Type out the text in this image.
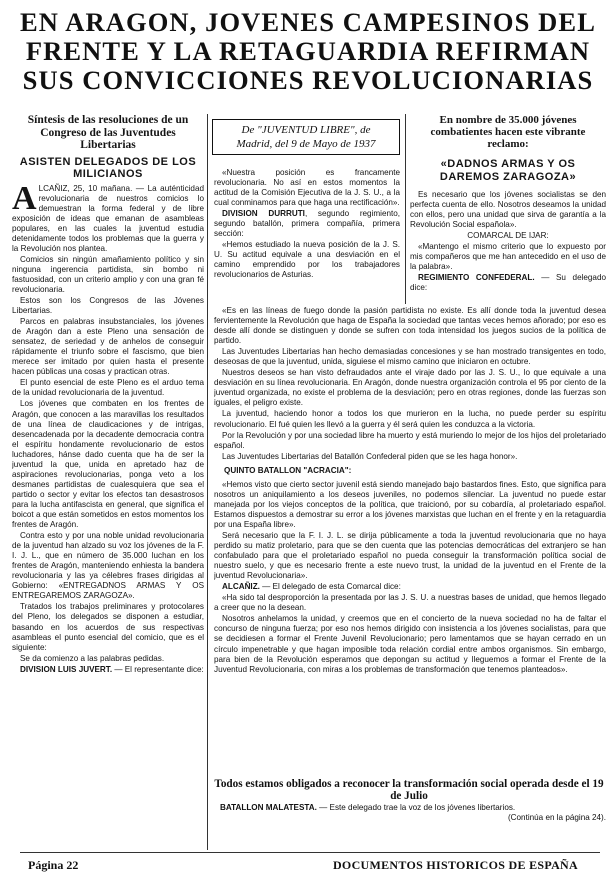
EN ARAGON, JOVENES CAMPESINOS DEL
FRENTE Y LA RETAGUARDIA REFIRMAN
SUS CONVICCIONES REVOLUCIONARIAS

Síntesis de las resoluciones de un Congreso de las Juventudes Libertarias

ASISTEN DELEGADOS DE LOS MILICIANOS

ALCAÑIZ, 25, 10 mañana. — La auténticidad revolucionaria de nuestros comicios lo demuestran la forma federal y de libre exposición de ideas que emanan de asambleas populares, en las cuales la juventud estudia detenidamente todos los problemas que la guerra y la Revolución nos plantea.

Comicios sin ningún amañamiento político y sin ninguna ingerencia partidista, sin bombo ni fastuosidad, con un criterio amplio y con una gran fé revolucionaria.

Estos son los Congresos de las Jóvenes Libertarias.

Parcos en palabras insubstanciales, los jóvenes de Aragón dan a este Pleno una sensación de sensatez, de seriedad y de anhelos de conseguir rápidamente el triunfo sobre el fascismo, que bien merece ser imitado por quien hasta el presente hacen públicas una cosas y practican otras.

El punto esencial de este Pleno es el arduo tema de la unidad revolucionaria de la juventud.

Los jóvenes que combaten en los frentes de Aragón, que conocen a las maravillas los resultados de una línea de claudicaciones y de intrigas, desencadenada por la decadente democracia contra el espíritu hondamente revolucionario de estos luchadores, hánse dado cuenta que ha de ser la juventud la que, unida en apretado haz de aspiraciones revolucionarias, ponga veto a los desmanes partidistas de cualesquiera que sea el partido o sector y evitar los efectos tan desastrosos para la lucha antifascista en general, que significa el boicot a que están sometidos en estos momentos los frentes de Aragón.

Contra esto y por una noble unidad revolucionaria de la juventud han alzado su voz los jóvenes de la F. I. J. L., que en número de 35.000 luchan en los frentes de Aragón, manteniendo enhiesta la bandera revolucionaria y las ya célebres frases dirigidas al Gobierno: «ENTREGADNOS ARMAS Y OS ENTREGAREMOS ZARAGOZA».

Tratados los trabajos preliminares y protocolares del Pleno, los delegados se disponen a estudiar, basando en los acuerdos de sus respectivas asambleas el punto esencial del comicio, que es el siguiente:

Se da comienzo a las palabras pedidas.

DIVISION LUIS JUVERT. — El representante dice:

De "JUVENTUD LIBRE", de
Madrid, del 9 de Mayo de 1937

«Nuestra posición es francamente revolucionaria. No así en estos momentos la actitud de la Comisión Ejecutiva de la J. S. U., a la cual conminamos para que haga una rectificación».

DIVISION DURRUTI, segundo regimiento, segundo batallón, primera compañía, primera sección:

«Hemos estudiado la nueva posición de la J. S. U. Su actitud equivale a una desviación en el camino emprendido por los trabajadores revolucionarios de Asturias.

En nombre de 35.000 jóvenes combatientes hacen este vibrante reclamo:

«DADNOS ARMAS Y OS DAREMOS ZARAGOZA»

Es necesario que los jóvenes socialistas se den perfecta cuenta de ello. Nosotros deseamos la unidad con ellos, pero una unidad que sirva de garantía a la Revolución Social española».

COMARCAL DE IJAR:

«Mantengo el mismo criterio que lo expuesto por mis compañeros que me han antecedido en el uso de la palabra».

REGIMIENTO CONFEDERAL. — Su delegado dice:

«Es en las líneas de fuego donde la pasión partidista no existe. Es allí donde toda la juventud desea fervientemente la Revolución que haga de España la sociedad que tantas veces hemos añorado; por eso es desde allí donde se distinguen y donde se sufren con toda intensidad los juegos sucios de la política de partido.

Las Juventudes Libertarias han hecho demasiadas concesiones y se han mostrado transigentes en todo, deseosas de que la juventud, unida, siguiese el mismo camino que iniciaron en octubre.

Nuestros deseos se han visto defraudados ante el viraje dado por las J. S. U., lo que equivale a una desviación en su línea revolucionaria. En Aragón, donde nuestra organización controla el 95 por ciento de la juventud organizada, no existe el problema de la desviación; pero en otras regiones, donde las fuerzas son iguales, el peligro existe.

La juventud, haciendo honor a todos los que murieron en la lucha, no puede perder su espíritu revolucionario. El fué quien les llevó a la guerra y él será quien les conduzca a la victoria.

Por la Revolución y por una sociedad libre ha muerto y está muriendo lo mejor de los hijos del proletariado español.

Las Juventudes Libertarias del Batallón Confederal piden que se les haga honor».

QUINTO BATALLON "ACRACIA":

«Hemos visto que cierto sector juvenil está siendo manejado bajo bastardos fines. Esto, que significa para nosotros un aniquilamiento a los deseos juveniles, no podemos silenciar. La juventud no puede estar manejada por los viejos conceptos de la política, que traicionó, por su cobardía, al proletariado español. Estamos dispuestos a demostrar su error a los jóvenes marxistas que luchan en el frente y en la retaguardia por una España libre».

Será necesario que la F. I. J. L. se dirija públicamente a toda la juventud revolucionaria que no haya perdido su matiz proletario, para que se den cuenta que las potencias democráticas del extranjero se han confabulado para que el proletariado español no pueda conseguir la transformación política social de nuestro suelo, y que es necesario frente a este nuevo trust, la unidad de la juventud en el Frente de la juventud Revolucionaria».

ALCAÑIZ. — El delegado de esta Comarcal dice:

«Ha sido tal desproporción la presentada por las J. S. U. a nuestras bases de unidad, que hemos llegado a creer que no la desean.

Nosotros anhelamos la unidad, y creemos que en el concierto de la nueva sociedad no ha de faltar el concurso de ninguna fuerza; por eso nos hemos dirigido con insistencia a los jóvenes socialistas, para que se decidiesen a formar el Frente Juvenil Revolucionario; pero lamentamos que se hayan cerrado en un círculo impenetrable y que hagan imposible toda relación cordial entre ambos organismos. Sin embargo, para bien de la Revolución esperamos que depongan su actitud y lleguemos a formar el Frente de la Juventud Revolucionaria, con miras a los problemas de transformación que tenemos planteados».

Todos estamos obligados a reconocer la transformación social operada desde el 19 de Julio

BATALLON MALATESTA. — Este delegado trae la voz de los jóvenes libertarios.

(Continúa en la página 24).

Página 22	DOCUMENTOS HISTORICOS DE ESPAÑA
